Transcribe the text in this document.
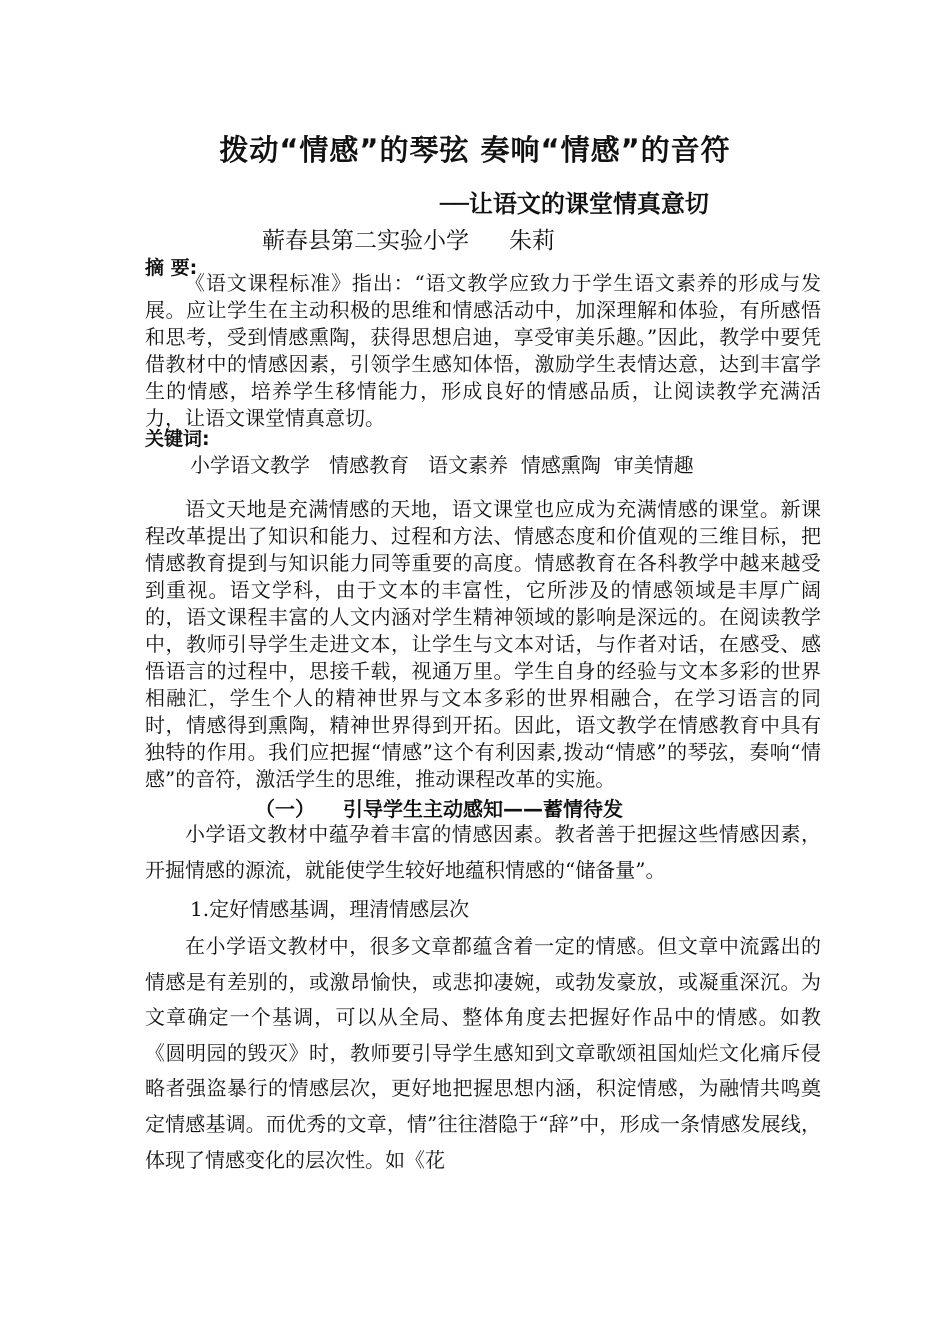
拨动“情感”的琴弦 奏响“情感”的音符
──让语文的课堂情真意切
蕲春县第二实验小学 朱莉
摘 要:

《语文课程标准》指出：“语文教学应致力于学生语文素养的形成与发展。应让学生在主动积极的思维和情感活动中，加深理解和体验，有所感悟和思考，受到情感熏陶，获得思想启迪，享受审美乐趣。”因此，教学中要凭借教材中的情感因素，引领学生感知体悟，激励学生表情达意，达到丰富学生的情感，培养学生移情能力，形成良好的情感品质，让阅读教学充满活力，让语文课堂情真意切。

关键词:
小学语文教学   情感教育   语文素养  情感熏陶  审美情趣

语文天地是充满情感的天地，语文课堂也应成为充满情感的课堂。新课程改革提出了知识和能力、过程和方法、情感态度和价值观的三维目标，把情感教育提到与知识能力同等重要的高度。情感教育在各科教学中越来越受到重视。语文学科，由于文本的丰富性，它所涉及的情感领域是丰厚广阔的，语文课程丰富的人文内涵对学生精神领域的影响是深远的。在阅读教学中，教师引导学生走进文本，让学生与文本对话，与作者对话，在感受、感悟语言的过程中，思接千载，视通万里。学生自身的经验与文本多彩的世界相融汇，学生个人的精神世界与文本多彩的世界相融合，在学习语言的同时，情感得到熏陶，精神世界得到开拓。因此，语文教学在情感教育中具有独特的作用。我们应把握“情感”这个有利因素,拨动“情感”的琴弦，奏响“情感”的音符，激活学生的思维，推动课程改革的实施。

（一） 引导学生主动感知——蓄情待发

小学语文教材中蕴孕着丰富的情感因素。教者善于把握这些情感因素，开掘情感的源流，就能使学生较好地蕴积情感的“储备量”。

1.定好情感基调，理清情感层次

在小学语文教材中，很多文章都蕴含着一定的情感。但文章中流露出的情感是有差别的，或激昂愉快，或悲抑凄婉，或勃发豪放，或凝重深沉。为文章确定一个基调，可以从全局、整体角度去把握好作品中的情感。如教《圆明园的毁灭》时，教师要引导学生感知到文章歌颂祖国灿烂文化痛斥侵略者强盗暴行的情感层次，更好地把握思想内涵，积淀情感，为融情共鸣奠定情感基调。而优秀的文章，情”往往潜隐于“辞”中，形成一条情感发展线，体现了情感变化的层次性。如《花
